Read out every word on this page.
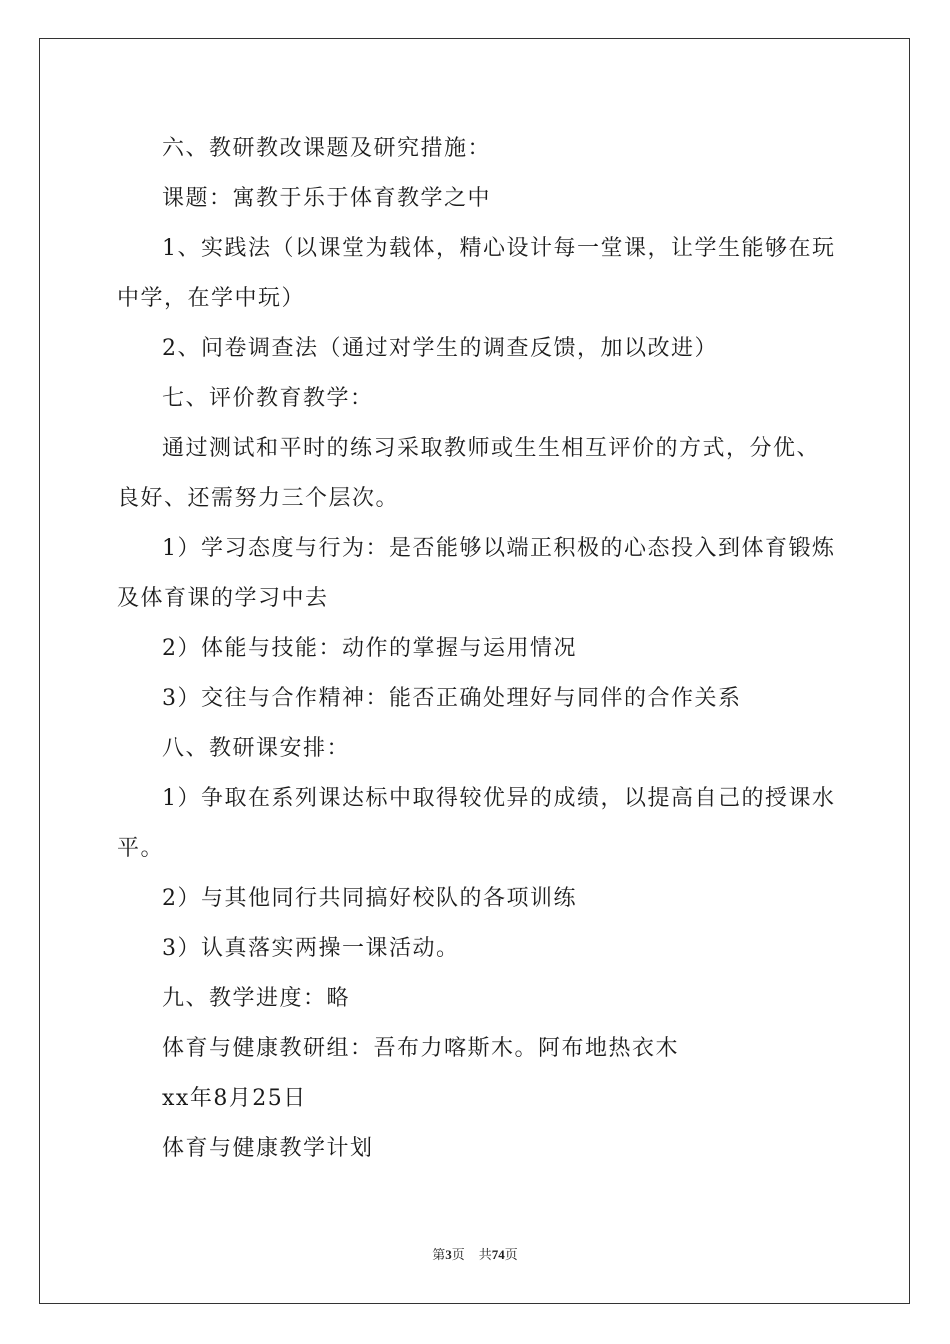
六、教研教改课题及研究措施：

课题：寓教于乐于体育教学之中

1、实践法（以课堂为载体，精心设计每一堂课，让学生能够在玩中学，在学中玩）

2、问卷调查法（通过对学生的调查反馈，加以改进）

七、评价教育教学：

通过测试和平时的练习采取教师或生生相互评价的方式，分优、良好、还需努力三个层次。

1）学习态度与行为：是否能够以端正积极的心态投入到体育锻炼及体育课的学习中去

2）体能与技能：动作的掌握与运用情况

3）交往与合作精神：能否正确处理好与同伴的合作关系

八、教研课安排：

1）争取在系列课达标中取得较优异的成绩，以提高自己的授课水平。

2）与其他同行共同搞好校队的各项训练

3）认真落实两操一课活动。

九、教学进度：略

体育与健康教研组：吾布力喀斯木。阿布地热衣木

xx年8月25日

体育与健康教学计划

第3页 共74页
